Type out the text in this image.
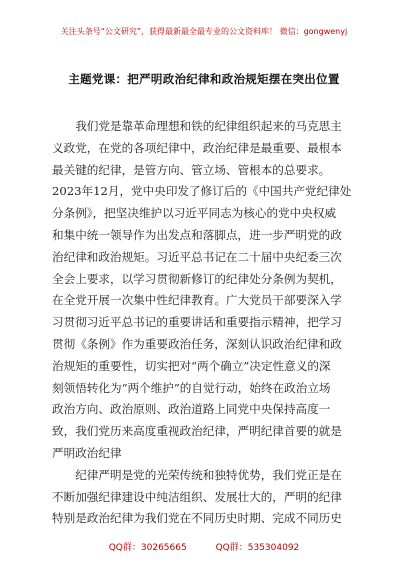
关注头条号“公文研究”，获得最新最全最专业的公文资料库！ 微信：gongwenyj
主题党课：把严明政治纪律和政治规矩摆在突出位置
　　我们党是靠革命理想和铁的纪律组织起来的马克思主
义政党，在党的各项纪律中，政治纪律是最重要、最根本
最关键的纪律，是管方向、管立场、管根本的总要求。
2023年12月，党中央印发了修订后的《中国共产党纪律处
分条例》，把坚决维护以习近平同志为核心的党中央权威
和集中统一领导作为出发点和落脚点，进一步严明党的政
治纪律和政治规矩。习近平总书记在二十届中央纪委三次
全会上要求，以学习贯彻新修订的纪律处分条例为契机，
在全党开展一次集中性纪律教育。广大党员干部要深入学
习贯彻习近平总书记的重要讲话和重要指示精神，把学习
贯彻《条例》作为重要政治任务，深刻认识政治纪律和政
治规矩的重要性，切实把对“两个确立”决定性意义的深
刻领悟转化为“两个维护”的自觉行动，始终在政治立场
政治方向、政治原则、政治道路上同党中央保持高度一
致，我们党历来高度重视政治纪律，严明纪律首要的就是
严明政治纪律
　　纪律严明是党的光荣传统和独特优势，我们党正是在
不断加强纪律建设中纯洁组织、发展壮大的，严明的纪律
特别是政治纪律为我们党在不同历史时期、完成不同历史
QQ群：30265665	QQ群：535304092
